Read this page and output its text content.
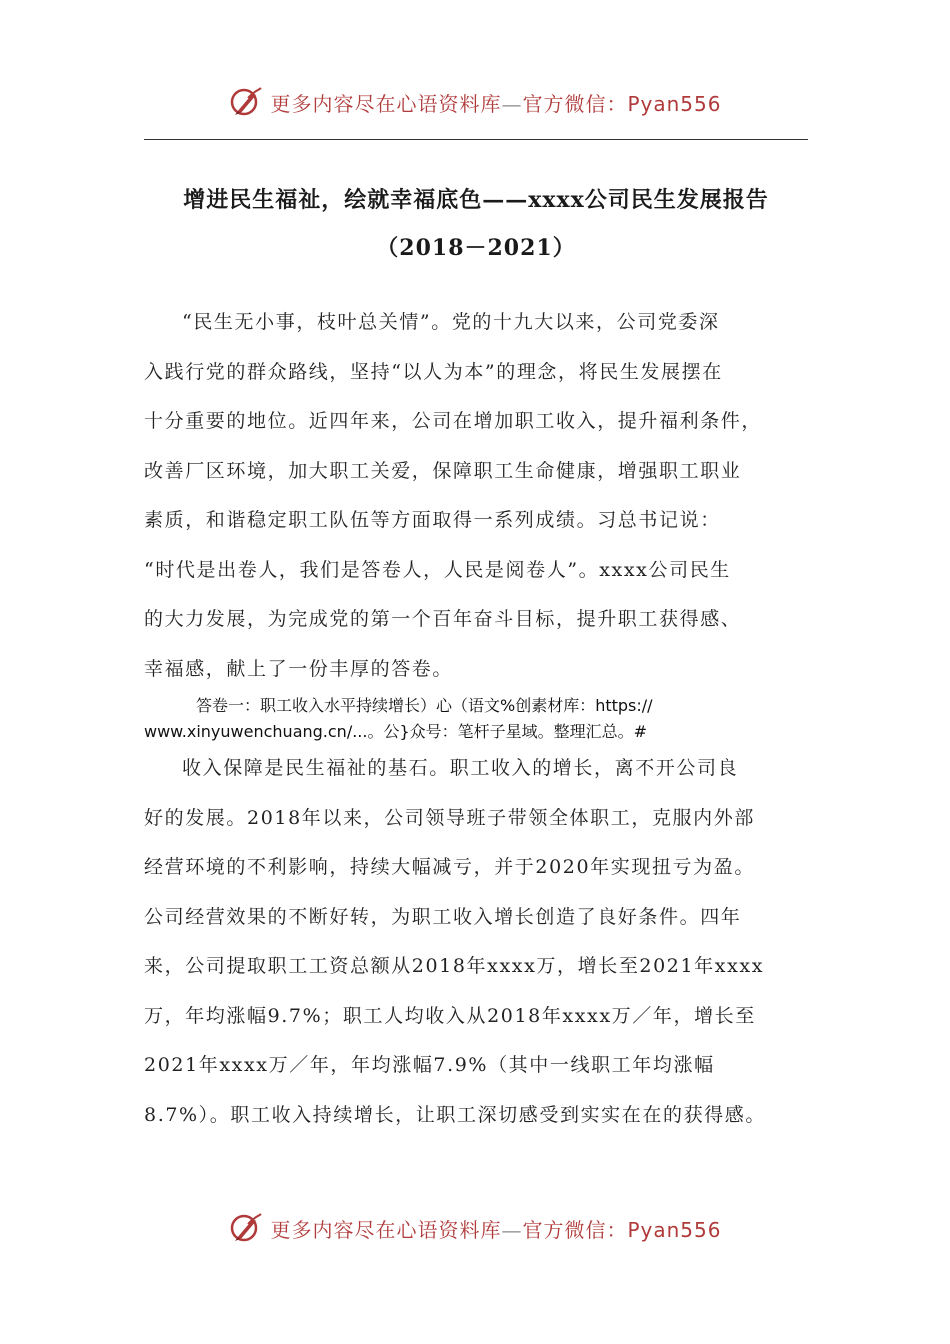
更多内容尽在心语资料库—官方微信：Pyan556
增进民生福祉，绘就幸福底色——xxxx公司民生发展报告
（2018－2021）
“民生无小事，枝叶总关情”。党的十九大以来，公司党委深
入践行党的群众路线，坚持“以人为本”的理念，将民生发展摆在
十分重要的地位。近四年来，公司在增加职工收入，提升福利条件，
改善厂区环境，加大职工关爱，保障职工生命健康，增强职工职业
素质，和谐稳定职工队伍等方面取得一系列成绩。习总书记说：
“时代是出卷人，我们是答卷人，人民是阅卷人”。xxxx公司民生
的大力发展，为完成党的第一个百年奋斗目标，提升职工获得感、
幸福感，献上了一份丰厚的答卷。
答卷一：职工收入水平持续增长）心（语文%创素材库：https://
www.xinyuwenchuang.cn/...。公}众号：笔杆子星域。整理汇总。#
收入保障是民生福祉的基石。职工收入的增长，离不开公司良
好的发展。2018年以来，公司领导班子带领全体职工，克服内外部
经营环境的不利影响，持续大幅减亏，并于2020年实现扭亏为盈。
公司经营效果的不断好转，为职工收入增长创造了良好条件。四年
来，公司提取职工工资总额从2018年xxxx万，增长至2021年xxxx
万，年均涨幅9.7%；职工人均收入从2018年xxxx万／年，增长至
2021年xxxx万／年，年均涨幅7.9%（其中一线职工年均涨幅
8.7%）。职工收入持续增长，让职工深切感受到实实在在的获得感。
更多内容尽在心语资料库—官方微信：Pyan556
